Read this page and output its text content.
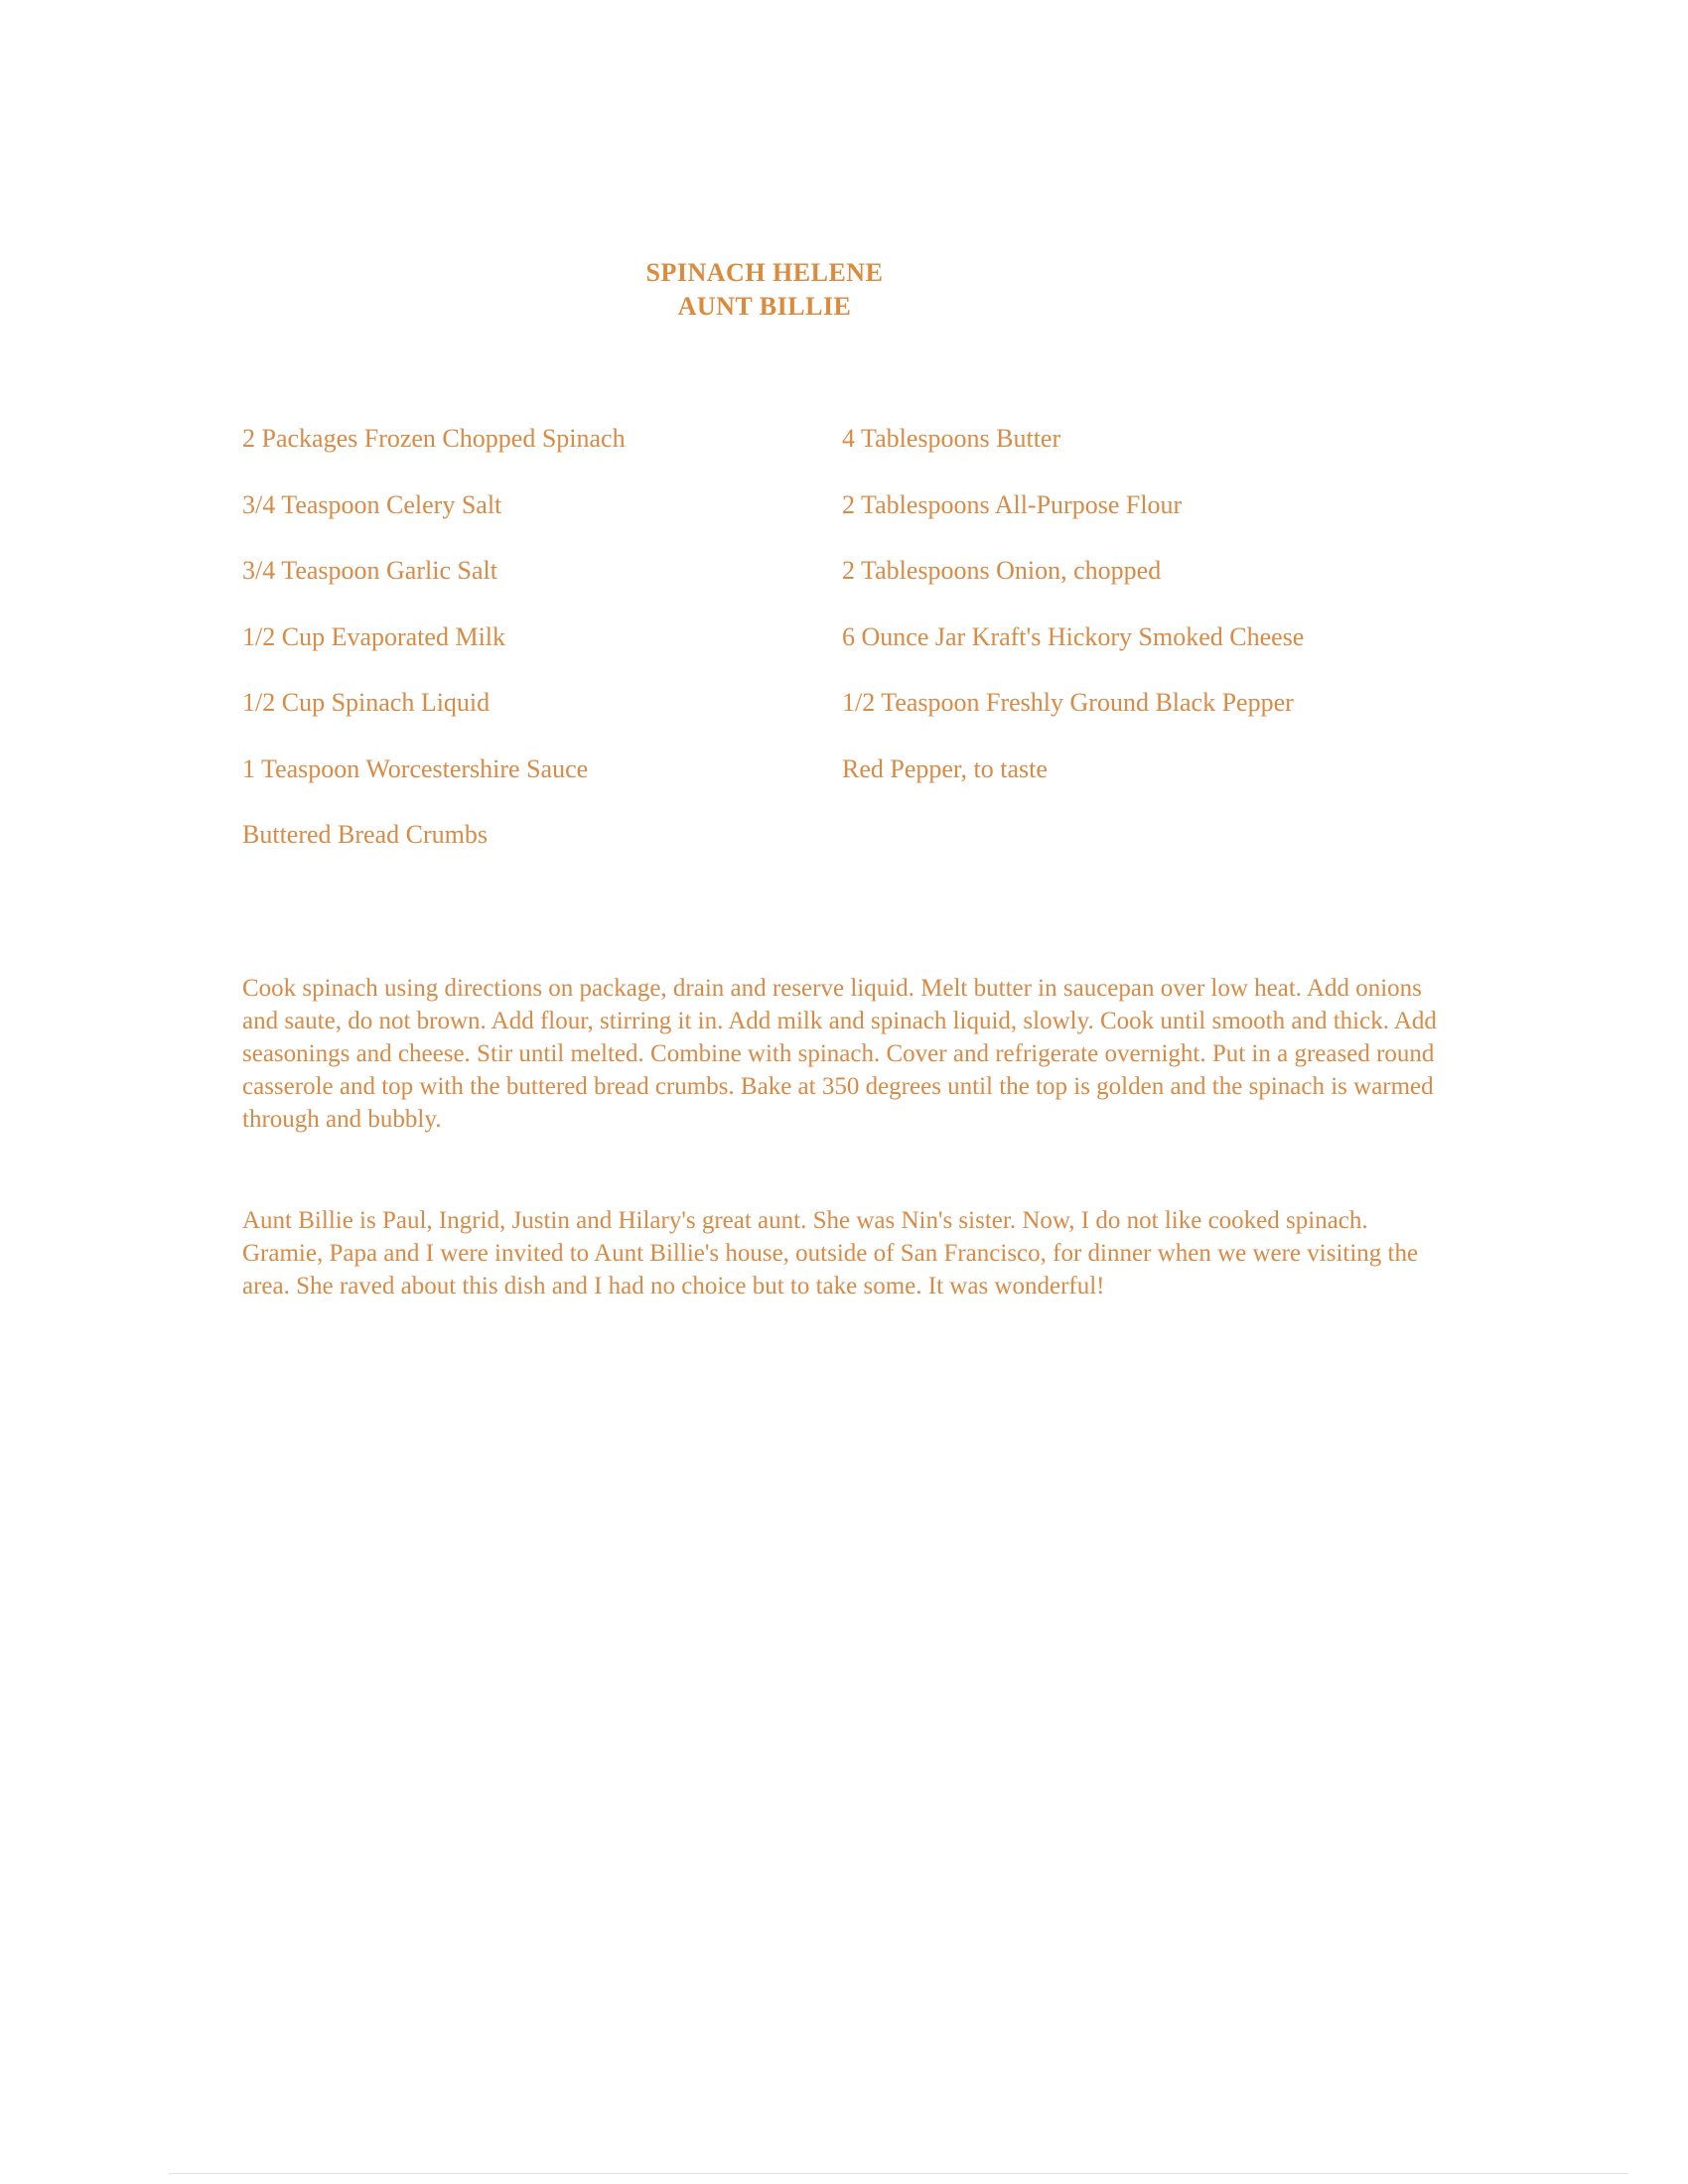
SPINACH HELENE
AUNT BILLIE
2 Packages Frozen Chopped Spinach
3/4 Teaspoon Celery Salt
3/4 Teaspoon Garlic Salt
1/2 Cup Evaporated Milk
1/2 Cup Spinach Liquid
1 Teaspoon Worcestershire Sauce
Buttered Bread Crumbs
4 Tablespoons Butter
2 Tablespoons All-Purpose Flour
2 Tablespoons Onion, chopped
6 Ounce Jar Kraft's Hickory Smoked Cheese
1/2 Teaspoon Freshly Ground Black Pepper
Red Pepper, to taste

Cook spinach using directions on package, drain and reserve liquid. Melt butter in saucepan over low heat. Add onions and saute, do not brown. Add flour, stirring it in. Add milk and spinach liquid, slowly. Cook until smooth and thick. Add seasonings and cheese. Stir until melted. Combine with spinach. Cover and refrigerate overnight. Put in a greased round casserole and top with the buttered bread crumbs. Bake at 350 degrees until the top is golden and the spinach is warmed through and bubbly.

Aunt Billie is Paul, Ingrid, Justin and Hilary's great aunt. She was Nin's sister. Now, I do not like cooked spinach. Gramie, Papa and I were invited to Aunt Billie's house, outside of San Francisco, for dinner when we were visiting the area. She raved about this dish and I had no choice but to take some. It was wonderful!
